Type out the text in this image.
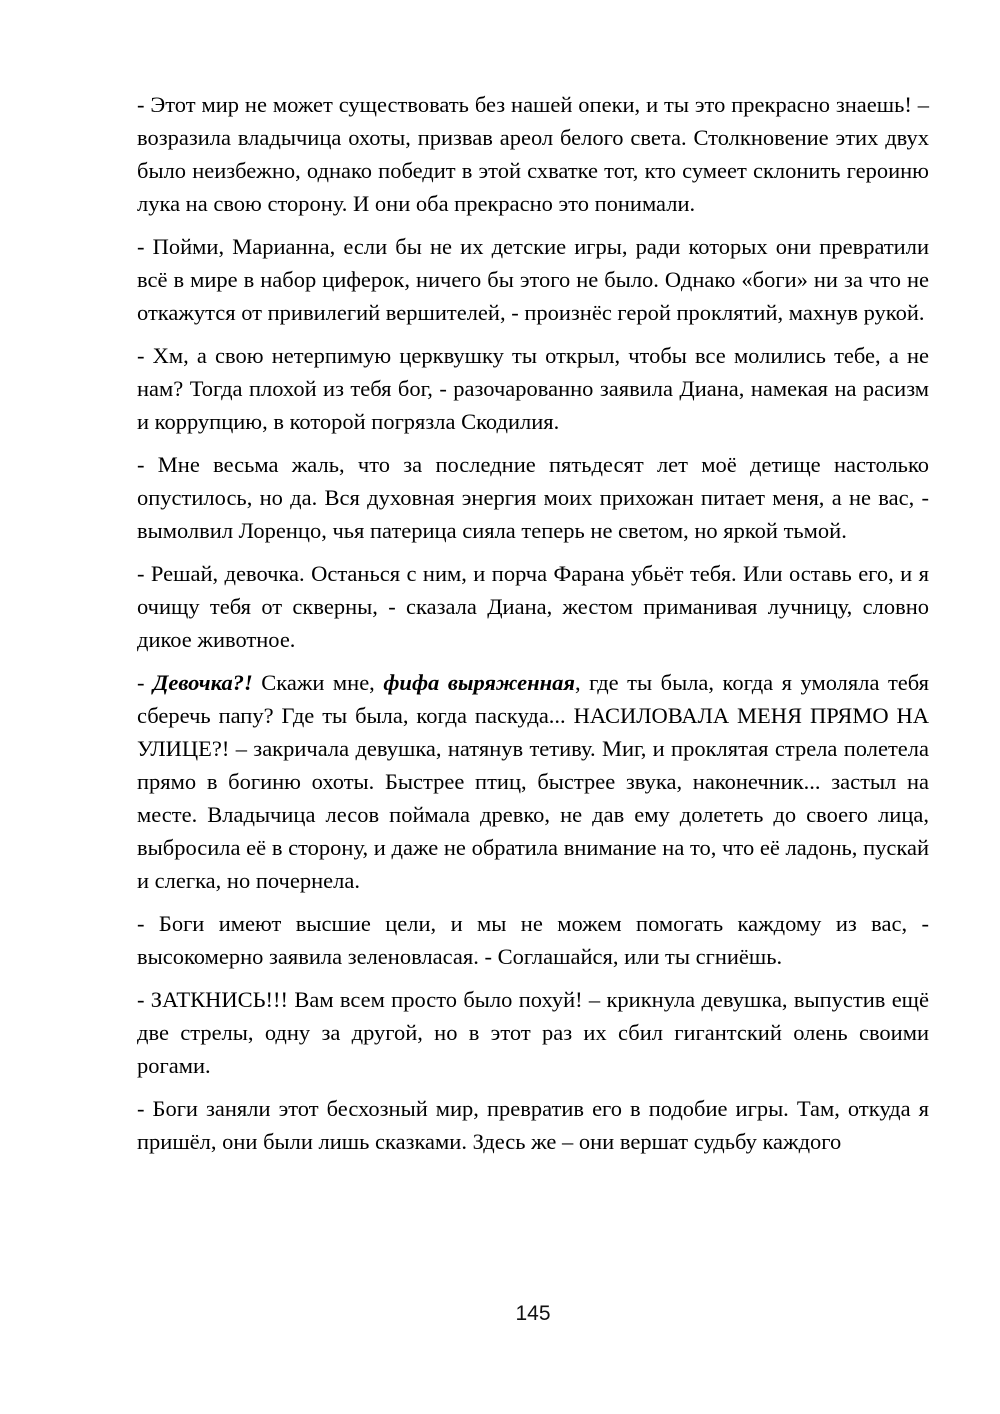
- Этот мир не может существовать без нашей опеки, и ты это прекрасно знаешь! – возразила владычица охоты, призвав ареол белого света. Столкновение этих двух было неизбежно, однако победит в этой схватке тот, кто сумеет склонить героиню лука на свою сторону. И они оба прекрасно это понимали.

- Пойми, Марианна, если бы не их детские игры, ради которых они превратили всё в мире в набор циферок, ничего бы этого не было. Однако «боги» ни за что не откажутся от привилегий вершителей, - произнёс герой проклятий, махнув рукой.

- Хм, а свою нетерпимую церквушку ты открыл, чтобы все молились тебе, а не нам? Тогда плохой из тебя бог, - разочарованно заявила Диана, намекая на расизм и коррупцию, в которой погрязла Скодилия.

- Мне весьма жаль, что за последние пятьдесят лет моё детище настолько опустилось, но да. Вся духовная энергия моих прихожан питает меня, а не вас, - вымолвил Лоренцо, чья патерица сияла теперь не светом, но яркой тьмой.

- Решай, девочка. Останься с ним, и порча Фарана убьёт тебя. Или оставь его, и я очищу тебя от скверны, - сказала Диана, жестом приманивая лучницу, словно дикое животное.

- Девочка?! Скажи мне, фифа выряженная, где ты была, когда я умоляла тебя сберечь папу? Где ты была, когда паскуда... НАСИЛОВАЛА МЕНЯ ПРЯМО НА УЛИЦЕ?! – закричала девушка, натянув тетиву. Миг, и проклятая стрела полетела прямо в богиню охоты. Быстрее птиц, быстрее звука, наконечник... застыл на месте. Владычица лесов поймала древко, не дав ему долететь до своего лица, выбросила её в сторону, и даже не обратила внимание на то, что её ладонь, пускай и слегка, но почернела.

- Боги имеют высшие цели, и мы не можем помогать каждому из вас, - высокомерно заявила зеленовласая. - Соглашайся, или ты сгниёшь.

- ЗАТКНИСЬ!!! Вам всем просто было похуй! – крикнула девушка, выпустив ещё две стрелы, одну за другой, но в этот раз их сбил гигантский олень своими рогами.

- Боги заняли этот бесхозный мир, превратив его в подобие игры. Там, откуда я пришёл, они были лишь сказками. Здесь же – они вершат судьбу каждого

145
